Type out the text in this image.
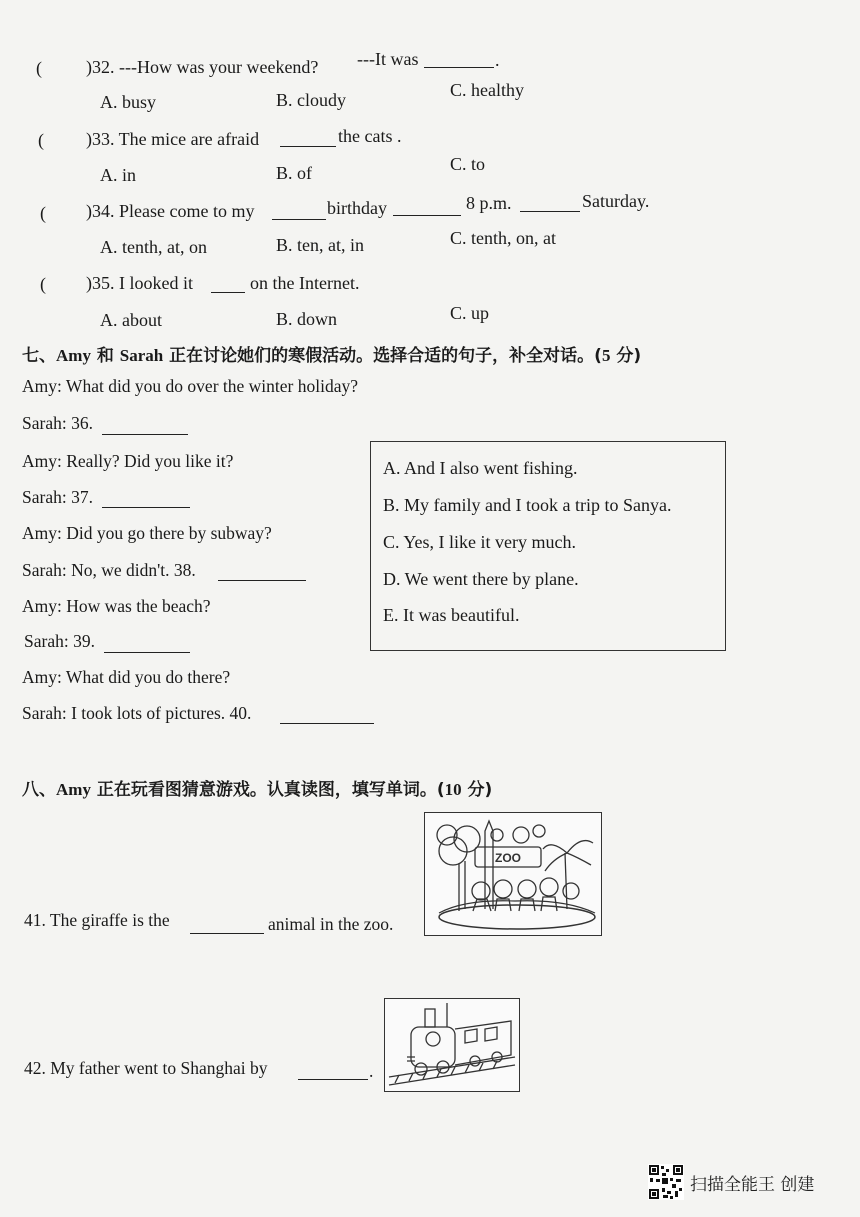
( )32. ---How was your weekend? ---It was	.
A. busy	B. cloudy	C. healthy
( )33. The mice are afraid	the cats .
A. in	B. of	C. to
( )34. Please come to my	birthday	8 p.m.	Saturday.
A. tenth, at, on	B. ten, at, in	C. tenth, on, at
( )35. I looked it	on the Internet.
A. about	B. down	C. up
七、Amy 和 Sarah 正在讨论她们的寒假活动。选择合适的句子，补全对话。(5 分)
Amy: What did you do over the winter holiday?
Sarah: 36.
Amy: Really? Did you like it?
Sarah: 37.
Amy: Did you go there by subway?
Sarah: No, we didn't. 38.
Amy: How was the beach?
Sarah: 39.
Amy: What did you do there?
Sarah: I took lots of pictures. 40.
A. And I also went fishing.
B. My family and I took a trip to Sanya.
C. Yes, I like it very much.
D. We went there by plane.
E. It was beautiful.
八、Amy 正在玩看图猜意游戏。认真读图，填写单词。(10 分)
41. The giraffe is the	animal in the zoo.
ZOO
42. My father went to Shanghai by	.
扫描全能王 创建
